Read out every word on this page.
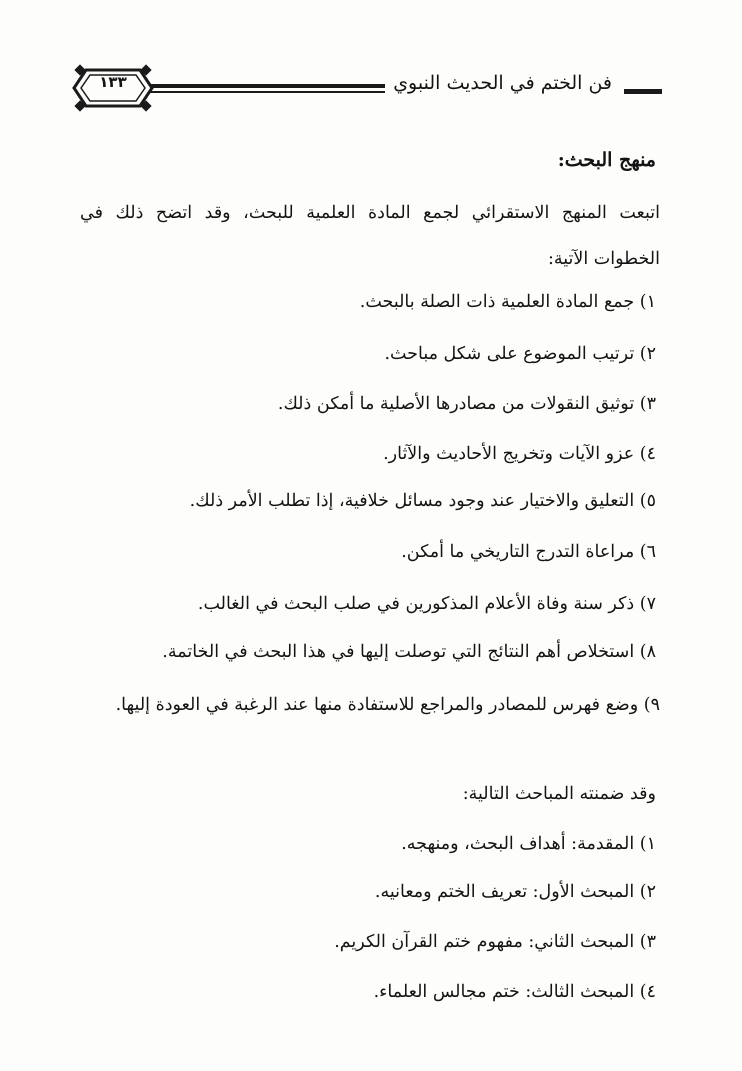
فن الختم في الحديث النبوي
١٣٣
منهج البحث:
اتبعت المنهج الاستقرائي لجمع المادة العلمية للبحث، وقد اتضح ذلك في الخطوات الآتية:
١) جمع المادة العلمية ذات الصلة بالبحث.
٢) ترتيب الموضوع على شكل مباحث.
٣) توثيق النقولات من مصادرها الأصلية ما أمكن ذلك.
٤) عزو الآيات وتخريج الأحاديث والآثار.
٥) التعليق والاختيار عند وجود مسائل خلافية، إذا تطلب الأمر ذلك.
٦) مراعاة التدرج التاريخي ما أمكن.
٧) ذكر سنة وفاة الأعلام المذكورين في صلب البحث في الغالب.
٨) استخلاص أهم النتائج التي توصلت إليها في هذا البحث في الخاتمة.
٩) وضع فهرس للمصادر والمراجع للاستفادة منها عند الرغبة في العودة إليها.
وقد ضمنته المباحث التالية:
١) المقدمة: أهداف البحث، ومنهجه.
٢) المبحث الأول: تعريف الختم ومعانيه.
٣) المبحث الثاني: مفهوم ختم القرآن الكريم.
٤) المبحث الثالث: ختم مجالس العلماء.
